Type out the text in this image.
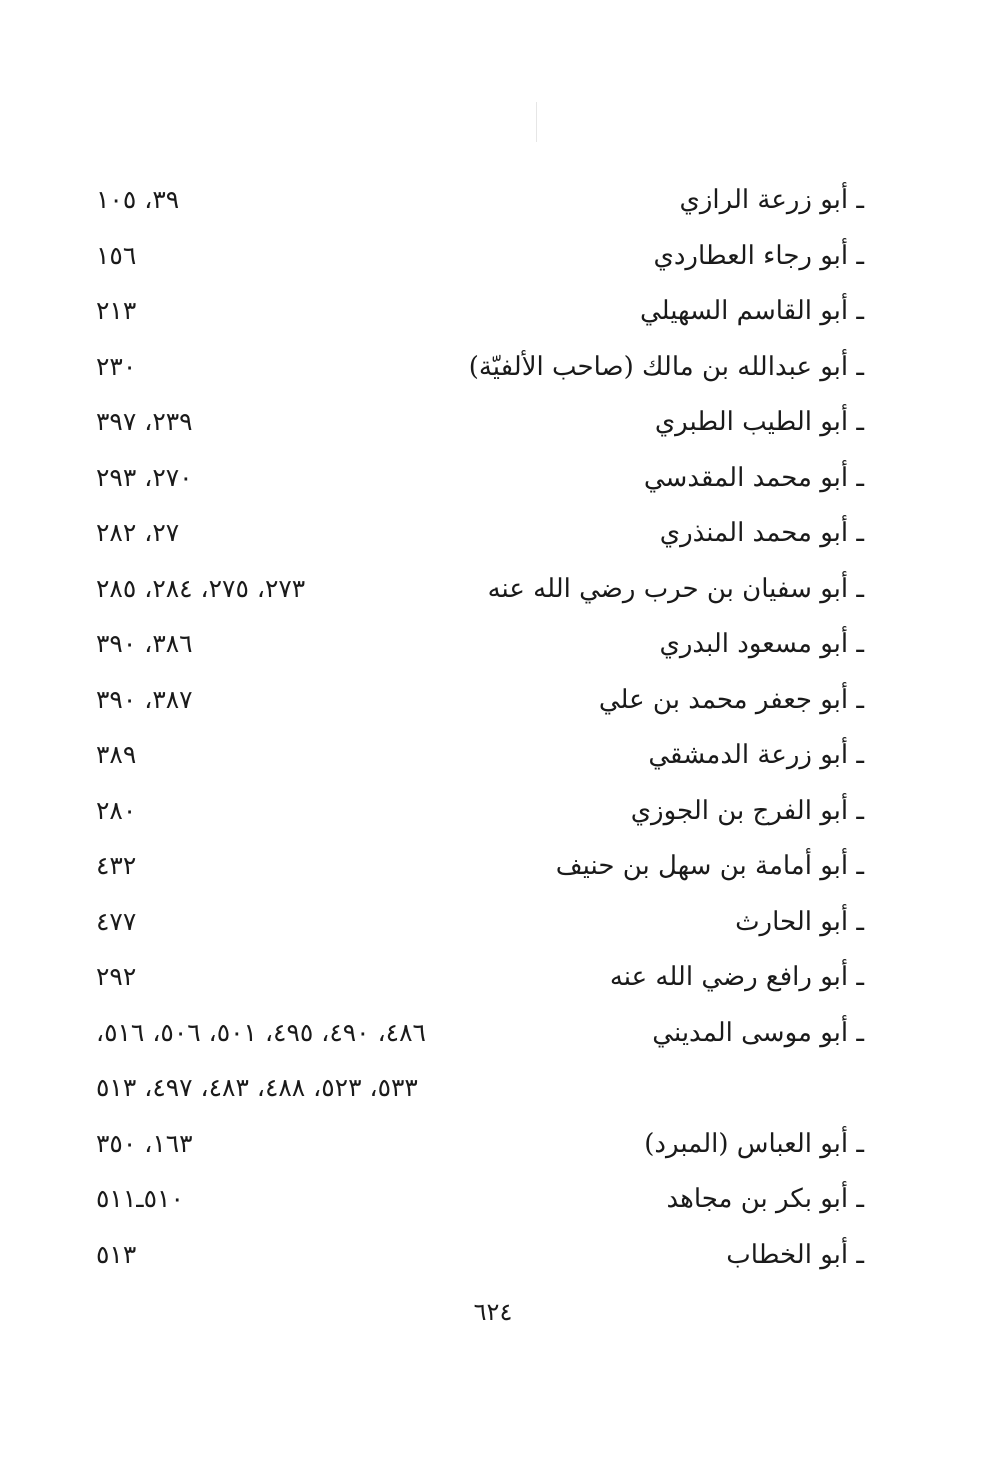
ـ أبو زرعة الرازي
٣٩، ١٠٥
ـ أبو رجاء العطاردي
١٥٦
ـ أبو القاسم السهيلي
٢١٣
ـ أبو عبدالله بن مالك (صاحب الألفيّة)
٢٣٠
ـ أبو الطيب الطبري
٢٣٩، ٣٩٧
ـ أبو محمد المقدسي
٢٧٠، ٢٩٣
ـ أبو محمد المنذري
٢٧، ٢٨٢
ـ أبو سفيان بن حرب رضي الله عنه
٢٧٣، ٢٧٥، ٢٨٤، ٢٨٥
ـ أبو مسعود البدري
٣٨٦، ٣٩٠
ـ أبو جعفر محمد بن علي
٣٨٧، ٣٩٠
ـ أبو زرعة الدمشقي
٣٨٩
ـ أبو الفرج بن الجوزي
٢٨٠
ـ أبو أمامة بن سهل بن حنيف
٤٣٢
ـ أبو الحارث
٤٧٧
ـ أبو رافع رضي الله عنه
٢٩٢
ـ أبو موسى المديني
٤٨٦، ٤٩٠، ٤٩٥، ٥٠١، ٥٠٦، ٥١٦،
٥٣٣، ٥٢٣، ٤٨٨، ٤٨٣، ٤٩٧، ٥١٣
ـ أبو العباس (المبرد)
١٦٣، ٣٥٠
ـ أبو بكر بن مجاهد
٥١٠ـ٥١١
ـ أبو الخطاب
٥١٣
٦٢٤
